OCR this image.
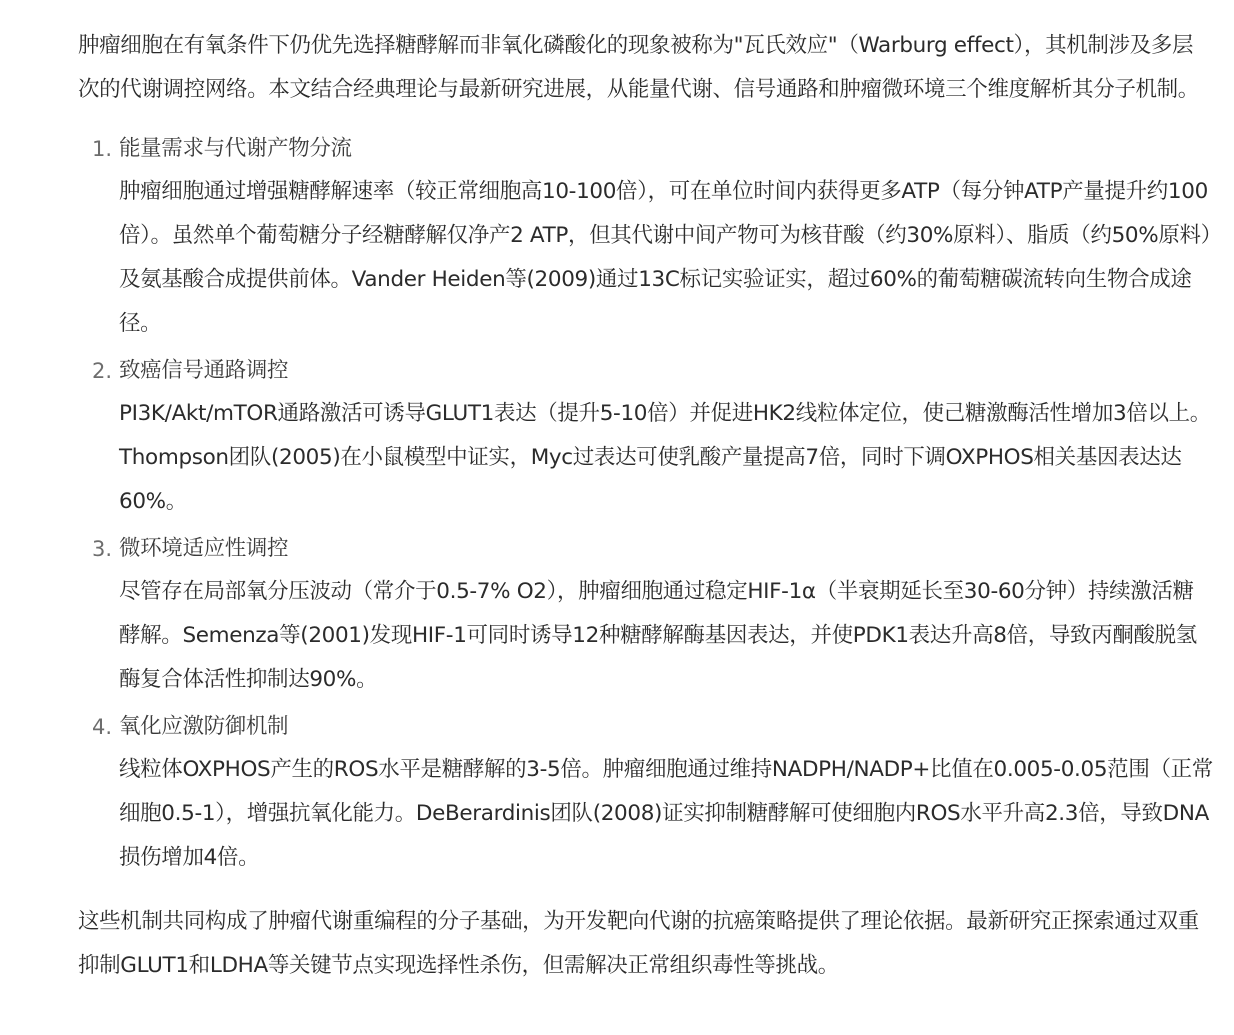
肿瘤细胞在有氧条件下仍优先选择糖酵解而非氧化磷酸化的现象被称为"瓦氏效应"（Warburg effect），其机制涉及多层次的代谢调控网络。本文结合经典理论与最新研究进展，从能量代谢、信号通路和肿瘤微环境三个维度解析其分子机制。

1. 能量需求与代谢产物分流

肿瘤细胞通过增强糖酵解速率（较正常细胞高10-100倍），可在单位时间内获得更多ATP（每分钟ATP产量提升约100倍）。虽然单个葡萄糖分子经糖酵解仅净产2 ATP，但其代谢中间产物可为核苷酸（约30%原料）、脂质（约50%原料）及氨基酸合成提供前体。Vander Heiden等(2009)通过13C标记实验证实，超过60%的葡萄糖碳流转向生物合成途径。

2. 致癌信号通路调控

PI3K/Akt/mTOR通路激活可诱导GLUT1表达（提升5-10倍）并促进HK2线粒体定位，使己糖激酶活性增加3倍以上。Thompson团队(2005)在小鼠模型中证实，Myc过表达可使乳酸产量提高7倍，同时下调OXPHOS相关基因表达达60%。

3. 微环境适应性调控

尽管存在局部氧分压波动（常介于0.5-7% O2），肿瘤细胞通过稳定HIF-1α（半衰期延长至30-60分钟）持续激活糖酵解。Semenza等(2001)发现HIF-1可同时诱导12种糖酵解酶基因表达，并使PDK1表达升高8倍，导致丙酮酸脱氢酶复合体活性抑制达90%。

4. 氧化应激防御机制

线粒体OXPHOS产生的ROS水平是糖酵解的3-5倍。肿瘤细胞通过维持NADPH/NADP+比值在0.005-0.05范围（正常细胞0.5-1），增强抗氧化能力。DeBerardinis团队(2008)证实抑制糖酵解可使细胞内ROS水平升高2.3倍，导致DNA损伤增加4倍。

这些机制共同构成了肿瘤代谢重编程的分子基础，为开发靶向代谢的抗癌策略提供了理论依据。最新研究正探索通过双重抑制GLUT1和LDHA等关键节点实现选择性杀伤，但需解决正常组织毒性等挑战。
